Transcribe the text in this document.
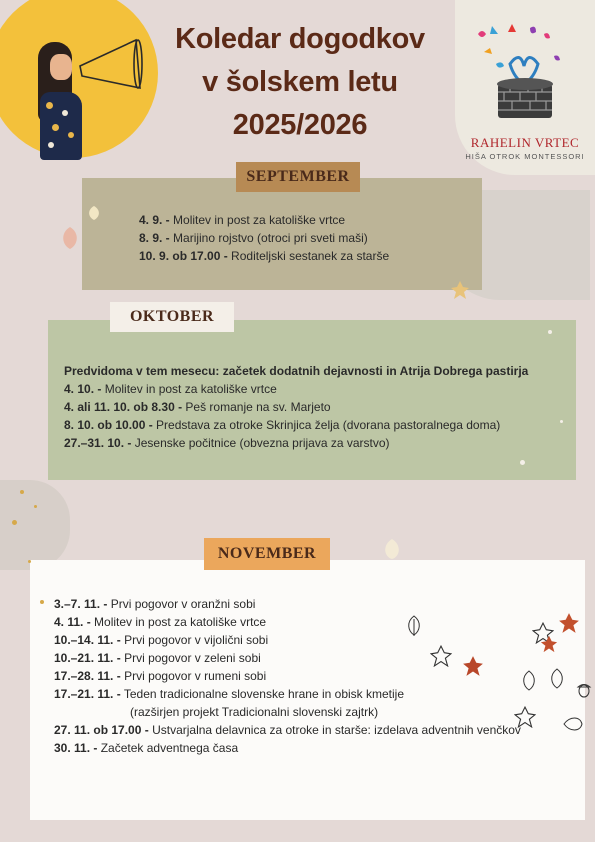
Koledar dogodkov
v šolskem letu
2025/2026
RAHELIN VRTEC
HIŠA OTROK MONTESSORI
SEPTEMBER
4. 9. - Molitev in post za katoliške vrtce
8. 9. - Marijino rojstvo (otroci pri sveti maši)
10. 9. ob 17.00 - Roditeljski sestanek za starše
OKTOBER
Predvidoma v tem mesecu: začetek dodatnih dejavnosti in Atrija Dobrega pastirja
4. 10. - Molitev in post za katoliške vrtce
4. ali 11. 10. ob 8.30 - Peš romanje na sv. Marjeto
8. 10. ob 10.00 - Predstava za otroke Skrinjica želja (dvorana pastoralnega doma)
27.–31. 10. - Jesenske počitnice (obvezna prijava za varstvo)
NOVEMBER
3.–7. 11. - Prvi pogovor v oranžni sobi
4. 11. - Molitev in post za katoliške vrtce
10.–14. 11. - Prvi pogovor v vijolični sobi
10.–21. 11. - Prvi pogovor v zeleni sobi
17.–28. 11. - Prvi pogovor v rumeni sobi
17.–21. 11. - Teden tradicionalne slovenske hrane in obisk kmetije
(razširjen projekt Tradicionalni slovenski zajtrk)
27. 11. ob 17.00 - Ustvarjalna delavnica za otroke in starše: izdelava adventnih venčkov
30. 11. - Začetek adventnega časa
